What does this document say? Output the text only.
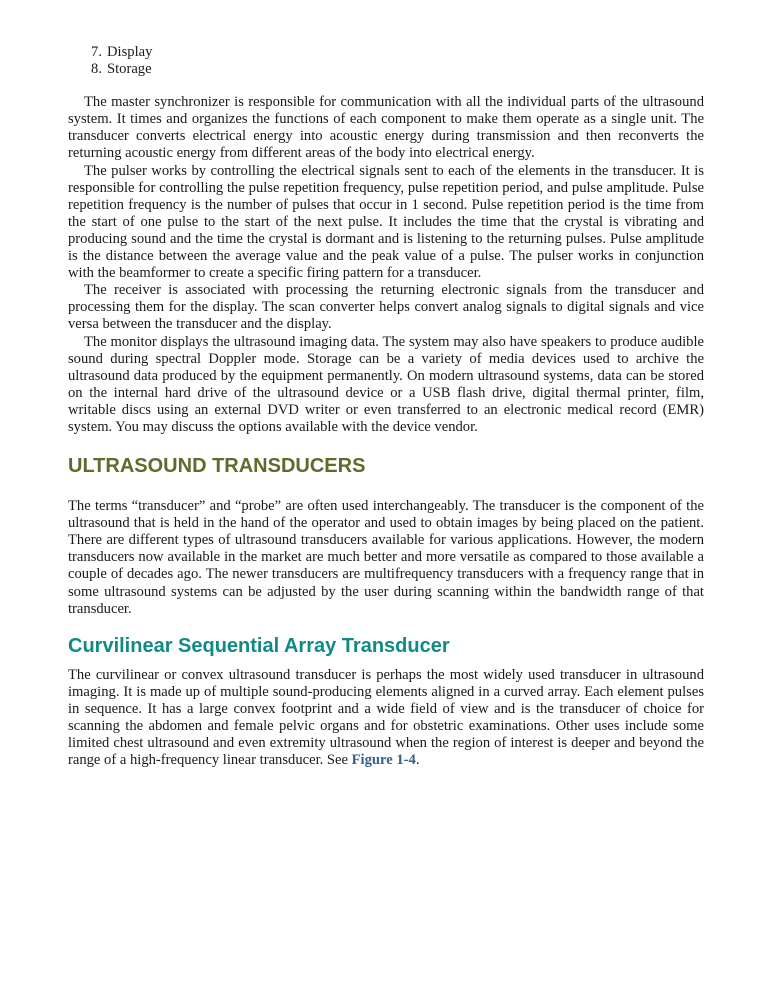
7. Display
8. Storage

The master synchronizer is responsible for communication with all the individual parts of the ultrasound system. It times and organizes the functions of each component to make them operate as a single unit. The transducer converts electrical energy into acoustic energy during transmission and then reconverts the returning acoustic energy from different areas of the body into electrical energy.

The pulser works by controlling the electrical signals sent to each of the elements in the transducer. It is responsible for controlling the pulse repetition frequency, pulse repetition period, and pulse amplitude. Pulse repetition frequency is the number of pulses that occur in 1 second. Pulse repetition period is the time from the start of one pulse to the start of the next pulse. It includes the time that the crystal is vibrating and producing sound and the time the crystal is dormant and is listening to the returning pulses. Pulse amplitude is the distance between the average value and the peak value of a pulse. The pulser works in conjunction with the beamformer to create a specific firing pattern for a transducer.

The receiver is associated with processing the returning electronic signals from the transducer and processing them for the display. The scan converter helps convert analog signals to digital signals and vice versa between the transducer and the display.

The monitor displays the ultrasound imaging data. The system may also have speakers to produce audible sound during spectral Doppler mode. Storage can be a variety of media devices used to archive the ultrasound data produced by the equipment permanently. On modern ultrasound systems, data can be stored on the internal hard drive of the ultrasound device or a USB flash drive, digital thermal printer, film, writable discs using an external DVD writer or even transferred to an electronic medical record (EMR) system. You may discuss the options available with the device vendor.

ULTRASOUND TRANSDUCERS

The terms “transducer” and “probe” are often used interchangeably. The transducer is the component of the ultrasound that is held in the hand of the operator and used to obtain images by being placed on the patient. There are different types of ultrasound transducers available for various applications. However, the modern transducers now available in the market are much better and more versatile as compared to those available a couple of decades ago. The newer transducers are multifrequency transducers with a frequency range that in some ultrasound systems can be adjusted by the user during scanning within the bandwidth range of that transducer.

Curvilinear Sequential Array Transducer

The curvilinear or convex ultrasound transducer is perhaps the most widely used transducer in ultrasound imaging. It is made up of multiple sound-producing elements aligned in a curved array. Each element pulses in sequence. It has a large convex footprint and a wide field of view and is the transducer of choice for scanning the abdomen and female pelvic organs and for obstetric examinations. Other uses include some limited chest ultrasound and even extremity ultrasound when the region of interest is deeper and beyond the range of a high-frequency linear transducer. See Figure 1-4.
